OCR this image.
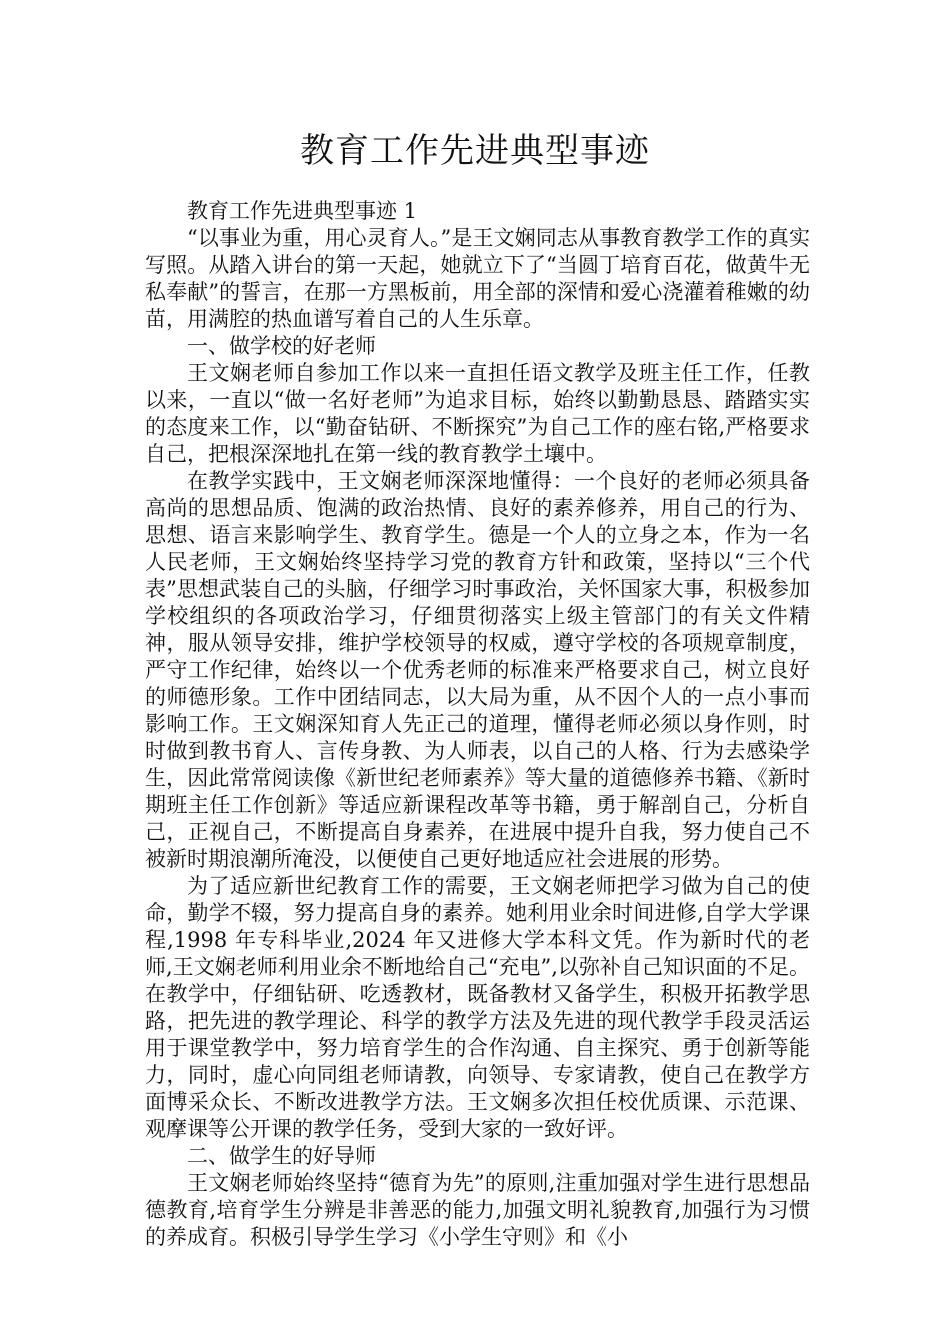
教育工作先进典型事迹

教育工作先进典型事迹 1

“以事业为重，用心灵育人。”是王文娴同志从事教育教学工作的真实写照。从踏入讲台的第一天起，她就立下了“当圆丁培育百花，做黄牛无私奉献”的誓言，在那一方黑板前，用全部的深情和爱心浇灌着稚嫩的幼苗，用满腔的热血谱写着自己的人生乐章。

一、做学校的好老师

王文娴老师自参加工作以来一直担任语文教学及班主任工作，任教以来，一直以“做一名好老师”为追求目标，始终以勤勤恳恳、踏踏实实的态度来工作，以“勤奋钻研、不断探究”为自己工作的座右铭,严格要求自己，把根深深地扎在第一线的教育教学土壤中。

在教学实践中，王文娴老师深深地懂得：一个良好的老师必须具备高尚的思想品质、饱满的政治热情、良好的素养修养，用自己的行为、思想、语言来影响学生、教育学生。德是一个人的立身之本，作为一名人民老师，王文娴始终坚持学习党的教育方针和政策，坚持以“三个代表”思想武装自己的头脑，仔细学习时事政治，关怀国家大事，积极参加学校组织的各项政治学习，仔细贯彻落实上级主管部门的有关文件精神，服从领导安排，维护学校领导的权威，遵守学校的各项规章制度，严守工作纪律，始终以一个优秀老师的标准来严格要求自己，树立良好的师德形象。工作中团结同志，以大局为重，从不因个人的一点小事而影响工作。王文娴深知育人先正己的道理，懂得老师必须以身作则，时时做到教书育人、言传身教、为人师表，以自己的人格、行为去感染学生，因此常常阅读像《新世纪老师素养》等大量的道德修养书籍、《新时期班主任工作创新》等适应新课程改革等书籍，勇于解剖自己，分析自己，正视自己，不断提高自身素养，在进展中提升自我，努力使自己不被新时期浪潮所淹没，以便使自己更好地适应社会进展的形势。

为了适应新世纪教育工作的需要，王文娴老师把学习做为自己的使命，勤学不辍，努力提高自身的素养。她利用业余时间进修,自学大学课程,1998 年专科毕业,2024 年又进修大学本科文凭。作为新时代的老师,王文娴老师利用业余不断地给自己“充电”,以弥补自己知识面的不足。在教学中，仔细钻研、吃透教材，既备教材又备学生，积极开拓教学思路，把先进的教学理论、科学的教学方法及先进的现代教学手段灵活运用于课堂教学中，努力培育学生的合作沟通、自主探究、勇于创新等能力，同时，虚心向同组老师请教，向领导、专家请教，使自己在教学方面博采众长、不断改进教学方法。王文娴多次担任校优质课、示范课、观摩课等公开课的教学任务，受到大家的一致好评。

二、做学生的好导师

王文娴老师始终坚持“德育为先”的原则,注重加强对学生进行思想品德教育,培育学生分辨是非善恶的能力,加强文明礼貌教育,加强行为习惯的养成育。积极引导学生学习《小学生守则》和《小
